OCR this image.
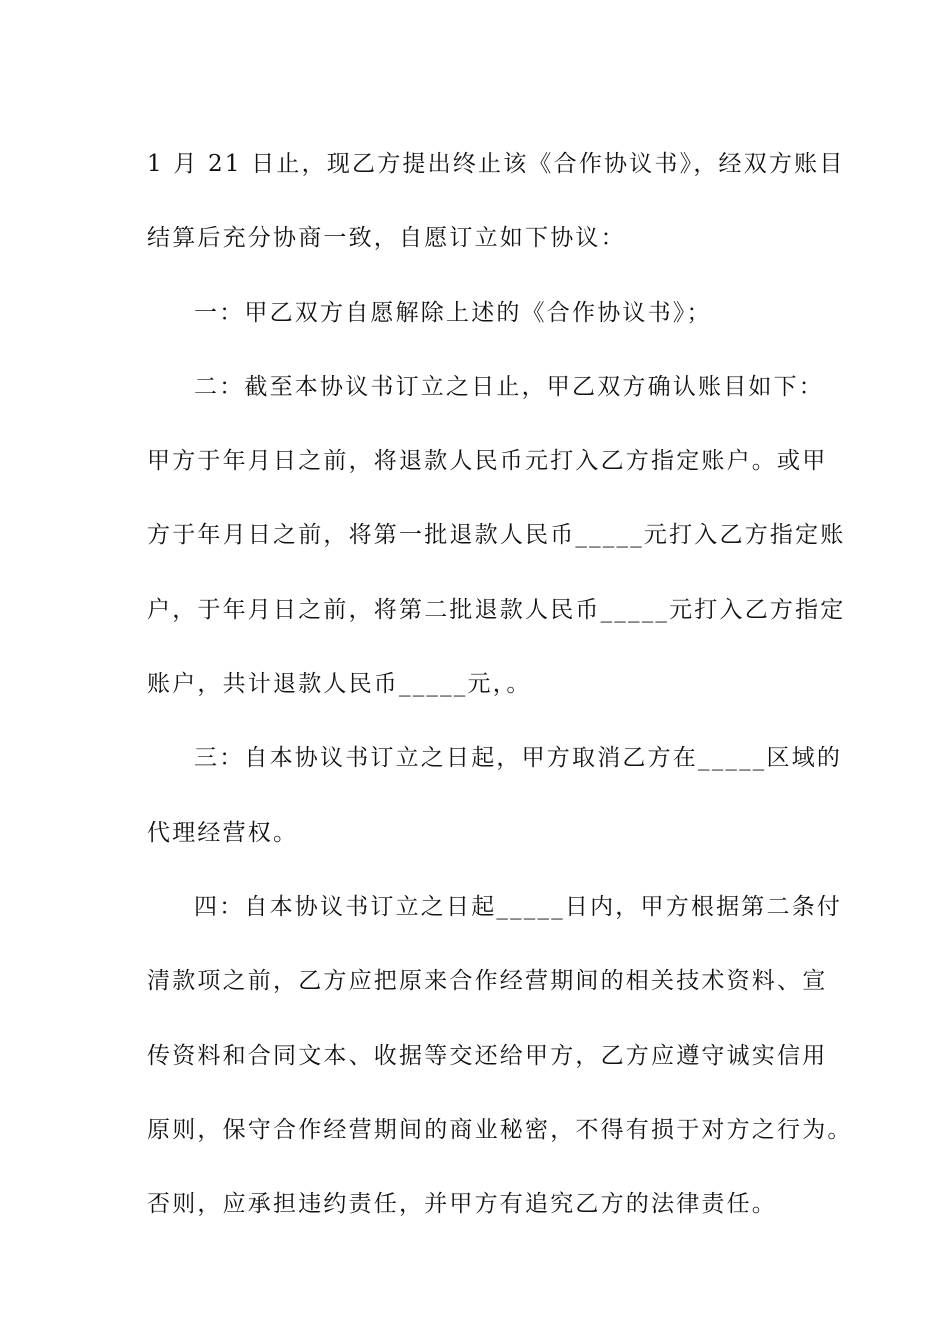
1 月 21 日止，现乙方提出终止该《合作协议书》，经双方账目
结算后充分协商一致，自愿订立如下协议：
一：甲乙双方自愿解除上述的《合作协议书》；
二：截至本协议书订立之日止，甲乙双方确认账目如下：
甲方于年月日之前，将退款人民币元打入乙方指定账户。或甲
方于年月日之前，将第一批退款人民币_____元打入乙方指定账
户，于年月日之前，将第二批退款人民币_____元打入乙方指定
账户，共计退款人民币_____元，。
三：自本协议书订立之日起，甲方取消乙方在_____区域的
代理经营权。
四：自本协议书订立之日起_____日内，甲方根据第二条付
清款项之前，乙方应把原来合作经营期间的相关技术资料、宣
传资料和合同文本、收据等交还给甲方，乙方应遵守诚实信用
原则，保守合作经营期间的商业秘密，不得有损于对方之行为。
否则，应承担违约责任，并甲方有追究乙方的法律责任。
